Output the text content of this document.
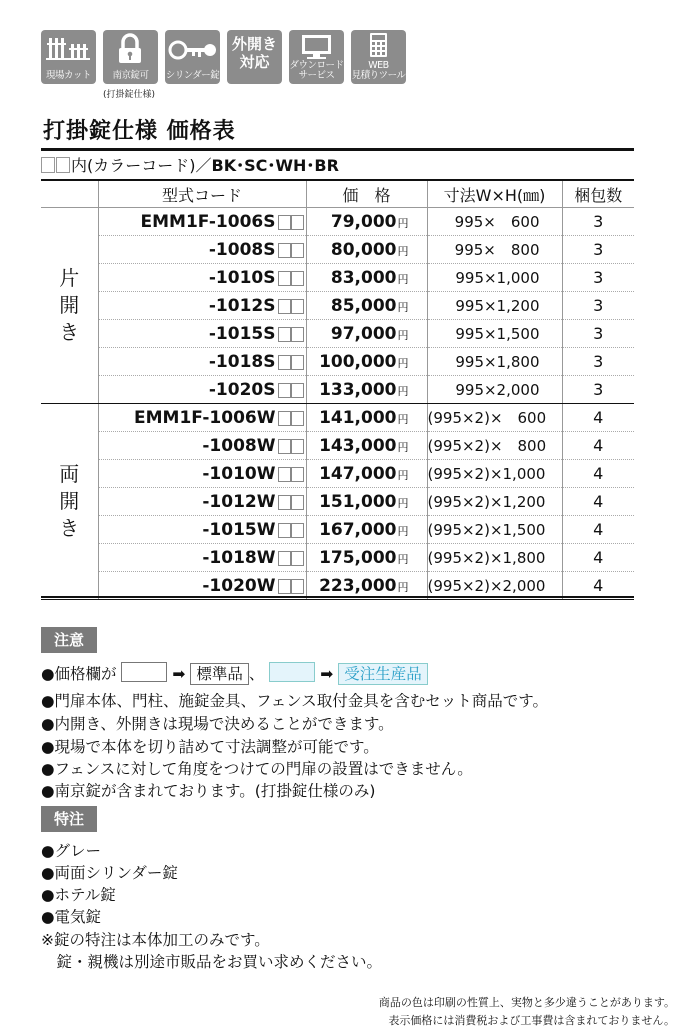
現場カット	南京錠可	シリンダー錠
外開き
対応	ダウンロード
サービス
WEB
見積りツール
(打掛錠仕様)
打掛錠仕様 価格表
内(カラーコード)／BK･SC･WH･BR
	型式コード	価　格	寸法W×H(㎜)	梱包数
片
開
き	EMM1F-1006S	79,000円	995×　600	3
	-1008S	80,000円	995×　800	3
	-1010S	83,000円	995×1,000	3
	-1012S	85,000円	995×1,200	3
	-1015S	97,000円	995×1,500	3
	-1018S	100,000円	995×1,800	3
	-1020S	133,000円	995×2,000	3
両
開
き	EMM1F-1006W	141,000円	(995×2)×　600	4
	-1008W	143,000円	(995×2)×　800	4
	-1010W	147,000円	(995×2)×1,000	4
	-1012W	151,000円	(995×2)×1,200	4
	-1015W	167,000円	(995×2)×1,500	4
	-1018W	175,000円	(995×2)×1,800	4
	-1020W	223,000円	(995×2)×2,000	4
注意
●価格欄が	➡ 標準品 、	➡ 受注生産品
●門扉本体、門柱、施錠金具、フェンス取付金具を含むセット商品です。
●内開き、外開きは現場で決めることができます。
●現場で本体を切り詰めて寸法調整が可能です。
●フェンスに対して角度をつけての門扉の設置はできません。
●南京錠が含まれております。(打掛錠仕様のみ)
特注
●グレー
●両面シリンダー錠
●ホテル錠
●電気錠
※錠の特注は本体加工のみです。
　錠・親機は別途市販品をお買い求めください。
商品の色は印刷の性質上、実物と多少違うことがあります。
表示価格には消費税および工事費は含まれておりません。
